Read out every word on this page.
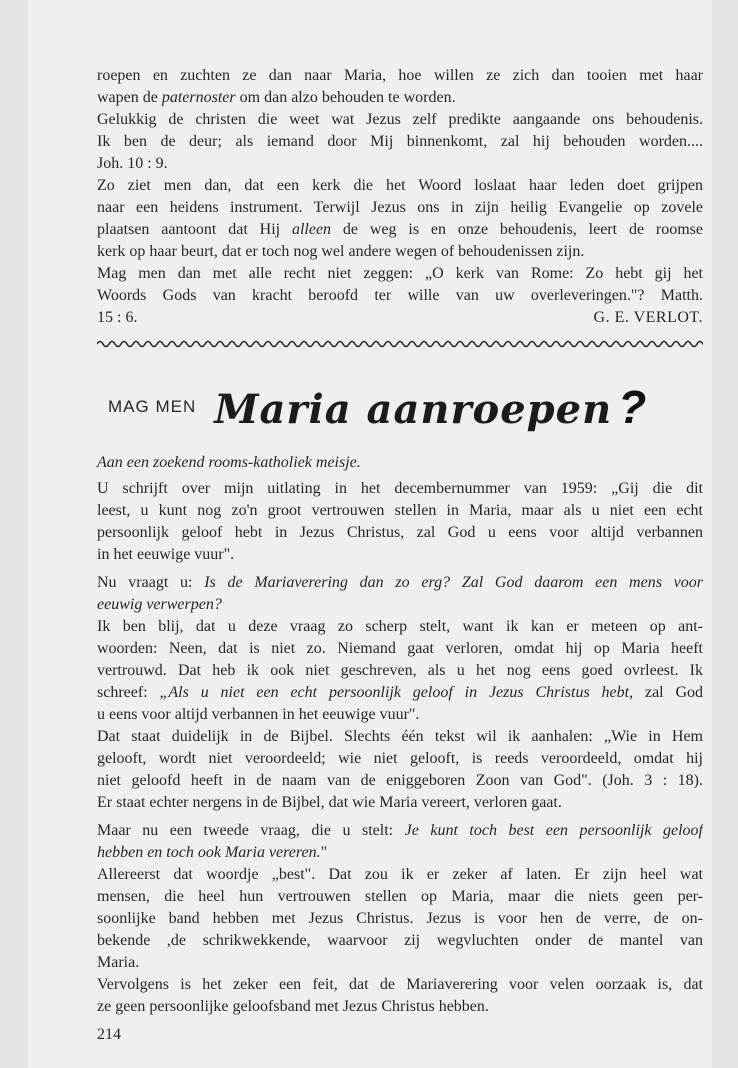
roepen en zuchten ze dan naar Maria, hoe willen ze zich dan tooien met haar
wapen de paternoster om dan alzo behouden te worden.
Gelukkig de christen die weet wat Jezus zelf predikte aangaande ons behoudenis.
Ik ben de deur; als iemand door Mij binnenkomt, zal hij behouden worden....
Joh. 10 : 9.
Zo ziet men dan, dat een kerk die het Woord loslaat haar leden doet grijpen
naar een heidens instrument. Terwijl Jezus ons in zijn heilig Evangelie op zovele
plaatsen aantoont dat Hij alleen de weg is en onze behoudenis, leert de roomse
kerk op haar beurt, dat er toch nog wel andere wegen of behoudenissen zijn.
Mag men dan met alle recht niet zeggen: „O kerk van Rome: Zo hebt gij het
Woords Gods van kracht beroofd ter wille van uw overleveringen."? Matth.
G. E. VERLOT.
15 : 6.
MAG MEN Maria aanroepen ?
Aan een zoekend rooms-katholiek meisje.
U schrijft over mijn uitlating in het decembernummer van 1959: „Gij die dit
leest, u kunt nog zo'n groot vertrouwen stellen in Maria, maar als u niet een echt
persoonlijk geloof hebt in Jezus Christus, zal God u eens voor altijd verbannen
in het eeuwige vuur".
Nu vraagt u: Is de Mariaverering dan zo erg? Zal God daarom een mens voor
eeuwig verwerpen?
Ik ben blij, dat u deze vraag zo scherp stelt, want ik kan er meteen op ant-
woorden: Neen, dat is niet zo. Niemand gaat verloren, omdat hij op Maria heeft
vertrouwd. Dat heb ik ook niet geschreven, als u het nog eens goed ovrleest. Ik
schreef: „Als u niet een echt persoonlijk geloof in Jezus Christus hebt, zal God
u eens voor altijd verbannen in het eeuwige vuur".
Dat staat duidelijk in de Bijbel. Slechts één tekst wil ik aanhalen: „Wie in Hem
gelooft, wordt niet veroordeeld; wie niet gelooft, is reeds veroordeeld, omdat hij
niet geloofd heeft in de naam van de eniggeboren Zoon van God". (Joh. 3 : 18).
Er staat echter nergens in de Bijbel, dat wie Maria vereert, verloren gaat.
Maar nu een tweede vraag, die u stelt: Je kunt toch best een persoonlijk geloof
hebben en toch ook Maria vereren."
Allereerst dat woordje „best". Dat zou ik er zeker af laten. Er zijn heel wat
mensen, die heel hun vertrouwen stellen op Maria, maar die niets geen per-
soonlijke band hebben met Jezus Christus. Jezus is voor hen de verre, de on-
bekende ,de schrikwekkende, waarvoor zij wegvluchten onder de mantel van
Maria.
Vervolgens is het zeker een feit, dat de Mariaverering voor velen oorzaak is, dat
ze geen persoonlijke geloofsband met Jezus Christus hebben.
214
